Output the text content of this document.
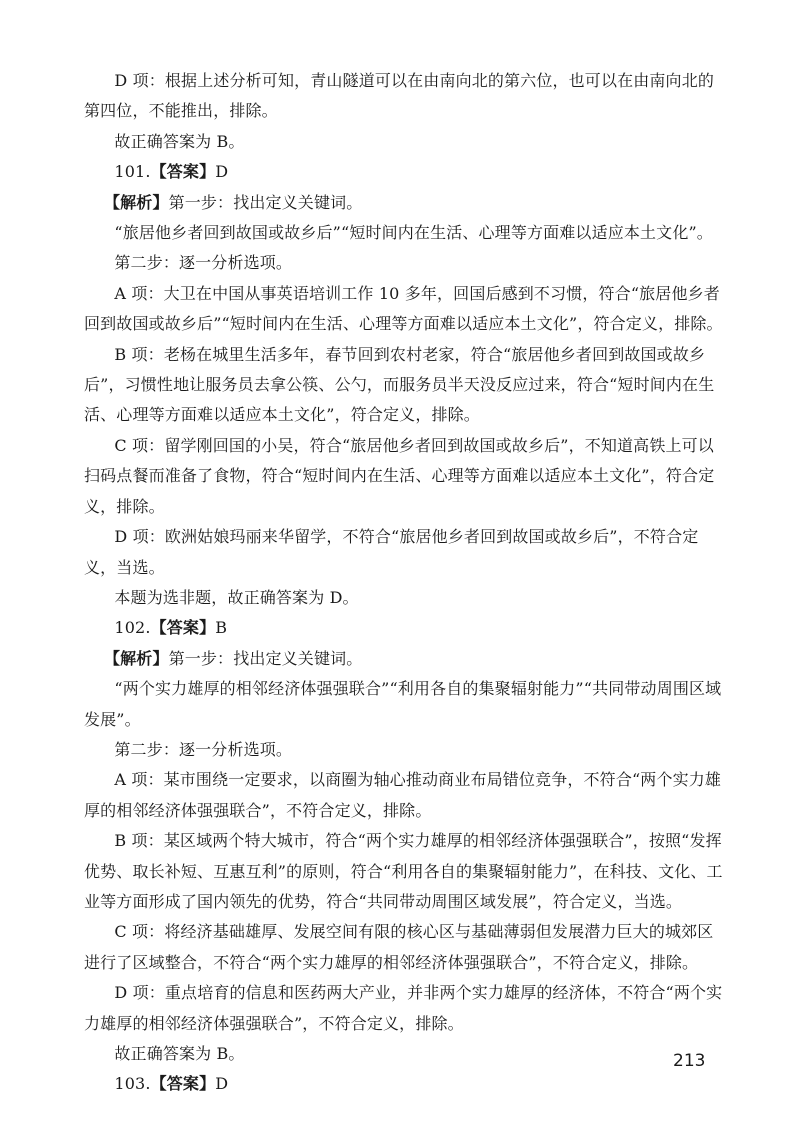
D 项：根据上述分析可知，青山隧道可以在由南向北的第六位，也可以在由南向北的第四位，不能推出，排除。

故正确答案为 B。

101.【答案】D

【解析】第一步：找出定义关键词。

“旅居他乡者回到故国或故乡后”“短时间内在生活、心理等方面难以适应本土文化”。

第二步：逐一分析选项。

A 项：大卫在中国从事英语培训工作 10 多年，回国后感到不习惯，符合“旅居他乡者回到故国或故乡后”“短时间内在生活、心理等方面难以适应本土文化”，符合定义，排除。

B 项：老杨在城里生活多年，春节回到农村老家，符合“旅居他乡者回到故国或故乡后”，习惯性地让服务员去拿公筷、公勺，而服务员半天没反应过来，符合“短时间内在生活、心理等方面难以适应本土文化”，符合定义，排除。

C 项：留学刚回国的小吴，符合“旅居他乡者回到故国或故乡后”，不知道高铁上可以扫码点餐而准备了食物，符合“短时间内在生活、心理等方面难以适应本土文化”，符合定义，排除。

D 项：欧洲姑娘玛丽来华留学，不符合“旅居他乡者回到故国或故乡后”，不符合定义，当选。

本题为选非题，故正确答案为 D。

102.【答案】B

【解析】第一步：找出定义关键词。

“两个实力雄厚的相邻经济体强强联合”“利用各自的集聚辐射能力”“共同带动周围区域发展”。

第二步：逐一分析选项。

A 项：某市围绕一定要求，以商圈为轴心推动商业布局错位竞争，不符合“两个实力雄厚的相邻经济体强强联合”，不符合定义，排除。

B 项：某区域两个特大城市，符合“两个实力雄厚的相邻经济体强强联合”，按照“发挥优势、取长补短、互惠互利”的原则，符合“利用各自的集聚辐射能力”，在科技、文化、工业等方面形成了国内领先的优势，符合“共同带动周围区域发展”，符合定义，当选。

C 项：将经济基础雄厚、发展空间有限的核心区与基础薄弱但发展潜力巨大的城郊区进行了区域整合，不符合“两个实力雄厚的相邻经济体强强联合”，不符合定义，排除。

D 项：重点培育的信息和医药两大产业，并非两个实力雄厚的经济体，不符合“两个实力雄厚的相邻经济体强强联合”，不符合定义，排除。

故正确答案为 B。

103.【答案】D

213
